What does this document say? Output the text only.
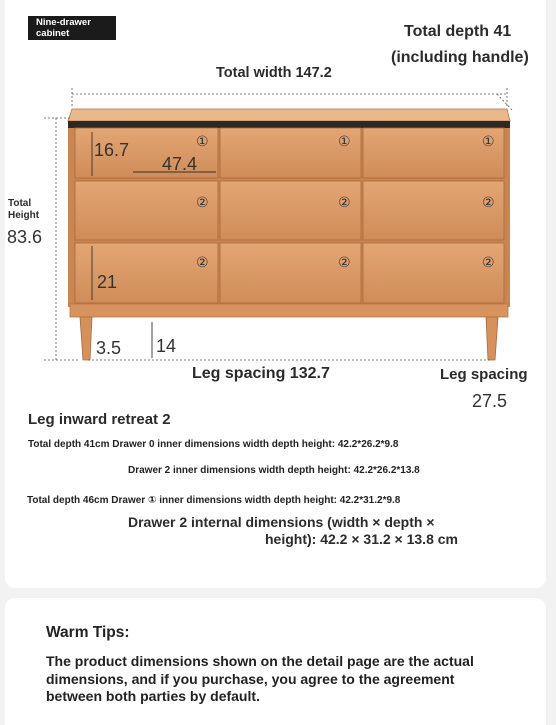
①	①	①
②	②	②
②	②	②
Nine-drawer
cabinet	Total depth 41
(including handle)
Total width 147.2
Total
Height
83.6
16.7
47.4
21
3.5 14
Leg spacing 132.7	Leg spacing
27.5
Leg inward retreat 2
Total depth 41cm Drawer 0 inner dimensions width depth height: 42.2*26.2*9.8
Drawer 2 inner dimensions width depth height: 42.2*26.2*13.8
Total depth 46cm Drawer ① inner dimensions width depth height: 42.2*31.2*9.8
Drawer 2 internal dimensions (width × depth ×
height): 42.2 × 31.2 × 13.8 cm
Warm Tips:
The product dimensions shown on the detail page are the actual dimensions, and if you purchase, you agree to the agreement between both parties by default.
